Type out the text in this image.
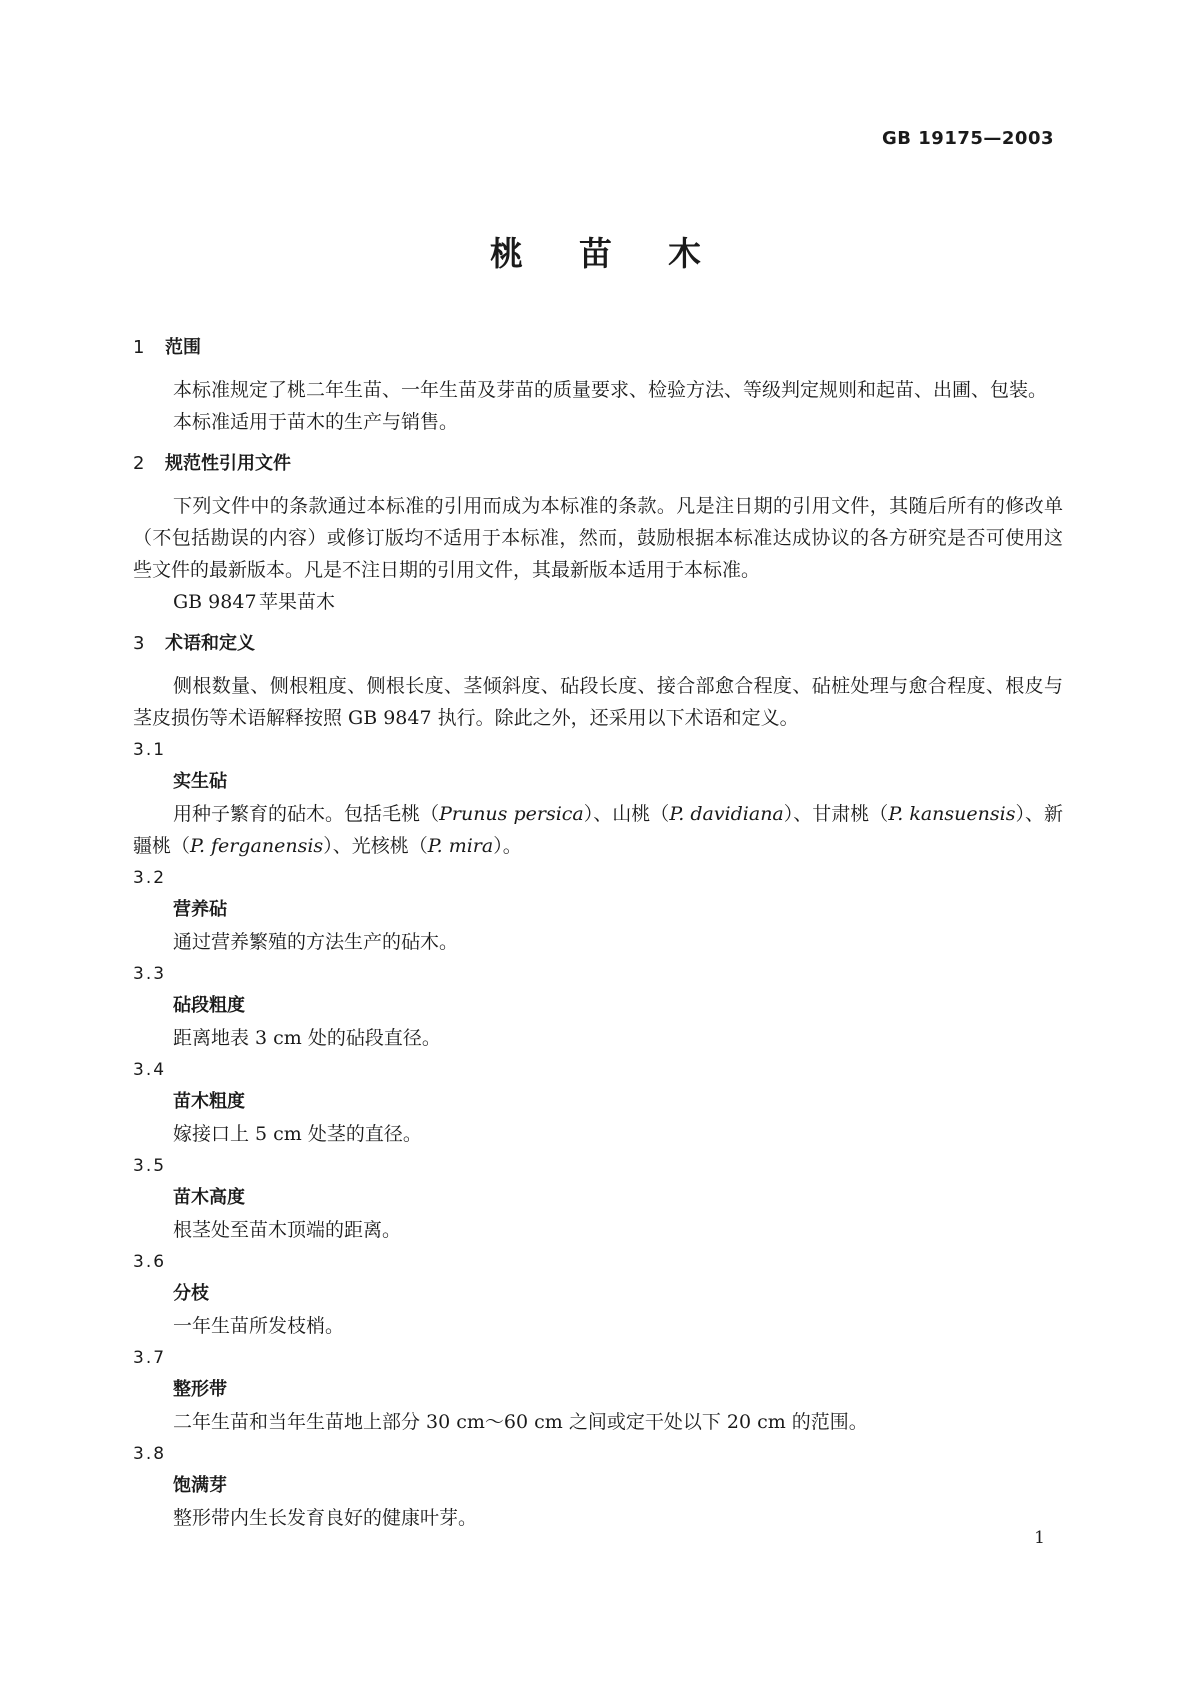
GB 19175—2003
桃苗木
1 范围

本标准规定了桃二年生苗、一年生苗及芽苗的质量要求、检验方法、等级判定规则和起苗、出圃、包装。

本标准适用于苗木的生产与销售。

2 规范性引用文件

下列文件中的条款通过本标准的引用而成为本标准的条款。凡是注日期的引用文件，其随后所有的修改单（不包括勘误的内容）或修订版均不适用于本标准，然而，鼓励根据本标准达成协议的各方研究是否可使用这些文件的最新版本。凡是不注日期的引用文件，其最新版本适用于本标准。

GB 9847 苹果苗木
3 术语和定义

侧根数量、侧根粗度、侧根长度、茎倾斜度、砧段长度、接合部愈合程度、砧桩处理与愈合程度、根皮与茎皮损伤等术语解释按照 GB 9847 执行。除此之外，还采用以下术语和定义。

3.1
实生砧

用种子繁育的砧木。包括毛桃（Prunus persica）、山桃（P. davidiana）、甘肃桃（P. kansuensis）、新疆桃（P. ferganensis）、光核桃（P. mira）。

3.2
营养砧

通过营养繁殖的方法生产的砧木。

3.3
砧段粗度

距离地表 3 cm 处的砧段直径。

3.4
苗木粗度

嫁接口上 5 cm 处茎的直径。

3.5
苗木高度

根茎处至苗木顶端的距离。

3.6
分枝

一年生苗所发枝梢。

3.7
整形带

二年生苗和当年生苗地上部分 30 cm～60 cm 之间或定干处以下 20 cm 的范围。

3.8
饱满芽

整形带内生长发育良好的健康叶芽。

1
